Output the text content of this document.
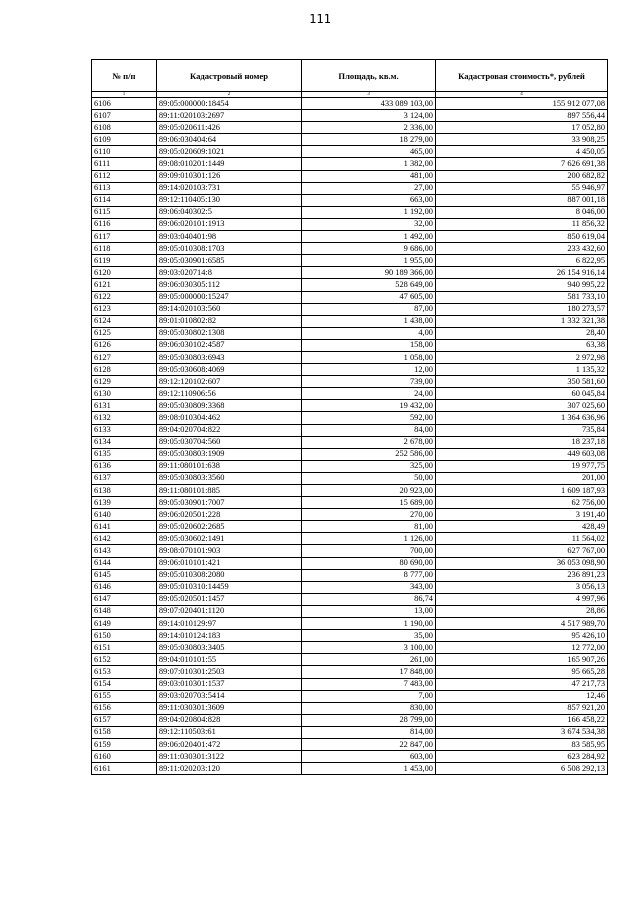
111
№ п/п	Кадастровый номер	Площадь, кв.м.	Кадастровая стоимость*, рублей
1	2	3	4
6106	89:05:000000:18454	433 089 103,00	155 912 077,08
6107	89:11:020103:2697	3 124,00	897 556,44
6108	89:05:020611:426	2 336,00	17 052,80
6109	89:06:030404:64	18 279,00	33 908,25
6110	89:05:020609:1021	465,00	4 450,05
6111	89:08:010201:1449	1 382,00	7 626 691,38
6112	89:09:010301:126	481,00	200 682,82
6113	89:14:020103:731	27,00	55 946,97
6114	89:12:110405:130	663,00	887 001,18
6115	89:06:040302:5	1 192,00	8 046,00
6116	89:06:020101:1913	32,00	11 856,32
6117	89:03:040401:98	1 492,00	850 619,04
6118	89:05:010308:1703	9 686,00	233 432,60
6119	89:05:030901:6585	1 955,00	6 822,95
6120	89:03:020714:8	90 189 366,00	26 154 916,14
6121	89:06:030305:112	528 649,00	940 995,22
6122	89:05:000000:15247	47 605,00	581 733,10
6123	89:14:020103:560	87,00	180 273,57
6124	89:01:010802:82	1 438,00	1 332 321,38
6125	89:05:030802:1308	4,00	28,40
6126	89:06:030102:4587	158,00	63,38
6127	89:05:030803:6943	1 058,00	2 972,98
6128	89:05:030608:4069	12,00	1 135,32
6129	89:12:120102:607	739,00	350 581,60
6130	89:12:110906:56	24,00	60 045,84
6131	89:05:030809:3368	19 432,00	307 025,60
6132	89:08:010304:462	592,00	1 364 636,96
6133	89:04:020704:822	84,00	735,84
6134	89:05:030704:560	2 678,00	18 237,18
6135	89:05:030803:1909	252 586,00	449 603,08
6136	89:11:080101:638	325,00	19 977,75
6137	89:05:030803:3560	50,00	201,00
6138	89:11:080101:885	20 923,00	1 609 187,93
6139	89:05:030901:7007	15 689,00	62 756,00
6140	89:06:020501:228	270,00	3 191,40
6141	89:05:020602:2685	81,00	428,49
6142	89:05:030602:1491	1 126,00	11 564,02
6143	89:08:070101:903	700,00	627 767,00
6144	89:06:010101:421	80 690,00	36 053 098,90
6145	89:05:010308:2080	8 777,00	236 891,23
6146	89:05:010310:14459	343,00	3 056,13
6147	89:05:020501:1457	86,74	4 997,96
6148	89:07:020401:1120	13,00	28,86
6149	89:14:010129:97	1 190,00	4 517 989,70
6150	89:14:010124:183	35,00	95 426,10
6151	89:05:030803:3405	3 100,00	12 772,00
6152	89:04:010101:55	261,00	165 907,26
6153	89:07:010301:2503	17 848,00	95 665,28
6154	89:03:010301:1537	7 483,00	47 217,73
6155	89:03:020703:5414	7,00	12,46
6156	89:11:030301:3609	830,00	857 921,20
6157	89:04:020804:828	28 799,00	166 458,22
6158	89:12:110503:61	814,00	3 674 534,38
6159	89:06:020401:472	22 847,00	83 585,95
6160	89:11:030301:3122	603,00	623 284,92
6161	89:11:020203:120	1 453,00	6 508 292,13
